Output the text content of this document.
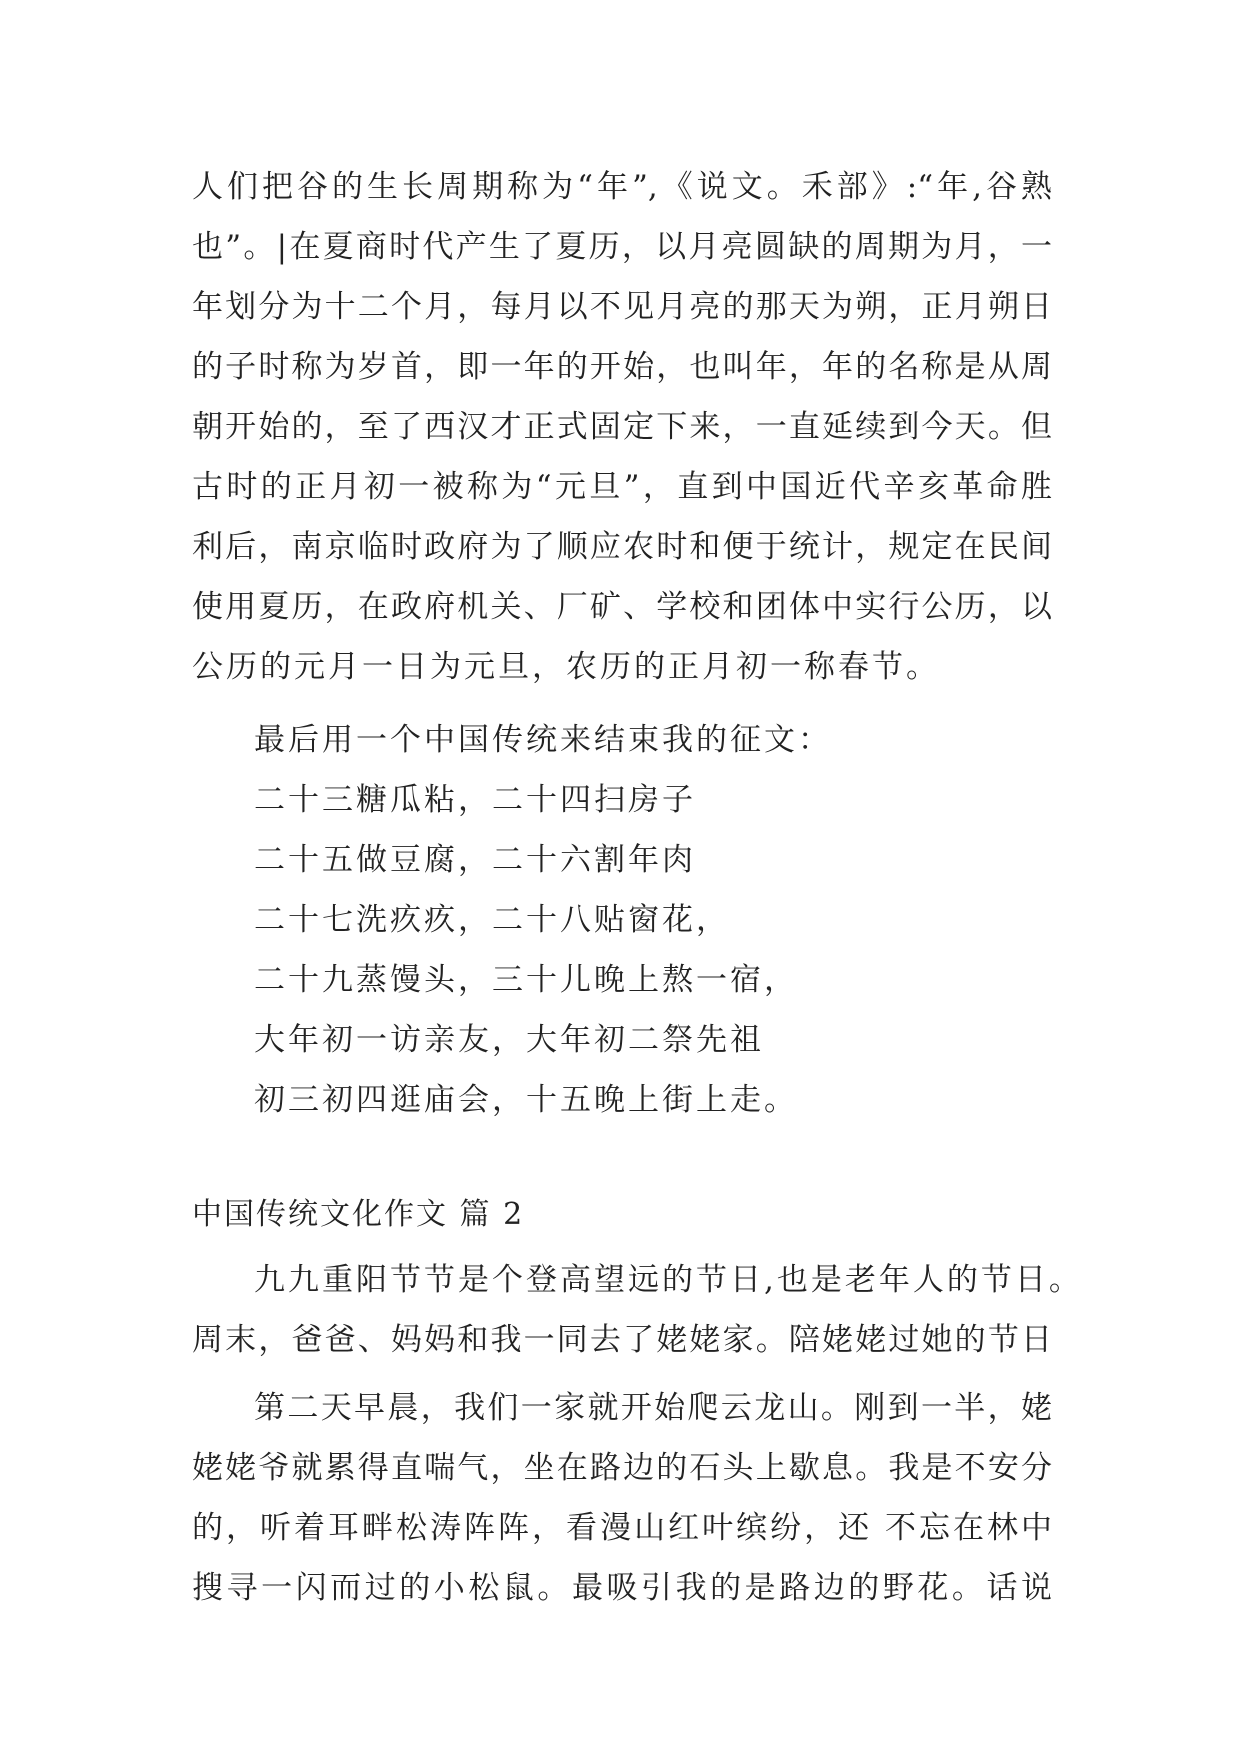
人们把谷的生长周期称为“年”,《说文。禾部》:“年,谷熟
也”。|在夏商时代产生了夏历，以月亮圆缺的周期为月，一
年划分为十二个月，每月以不见月亮的那天为朔，正月朔日
的子时称为岁首，即一年的开始，也叫年，年的名称是从周
朝开始的，至了西汉才正式固定下来，一直延续到今天。但
古时的正月初一被称为“元旦”，直到中国近代辛亥革命胜
利后，南京临时政府为了顺应农时和便于统计，规定在民间
使用夏历，在政府机关、厂矿、学校和团体中实行公历，以
公历的元月一日为元旦，农历的正月初一称春节。
最后用一个中国传统来结束我的征文：
二十三糖瓜粘，二十四扫房子
二十五做豆腐，二十六割年肉
二十七洗疚疚，二十八贴窗花，
二十九蒸馒头，三十儿晚上熬一宿，
大年初一访亲友，大年初二祭先祖
初三初四逛庙会，十五晚上街上走。
中国传统文化作文 篇 2
九九重阳节节是个登高望远的节日,也是老年人的节日。
周末，爸爸、妈妈和我一同去了姥姥家。陪姥姥过她的节日
第二天早晨，我们一家就开始爬云龙山。刚到一半，姥
姥姥爷就累得直喘气，坐在路边的石头上歇息。我是不安分
的，听着耳畔松涛阵阵，看漫山红叶缤纷，还 不忘在林中
搜寻一闪而过的小松鼠。最吸引我的是路边的野花。话说
